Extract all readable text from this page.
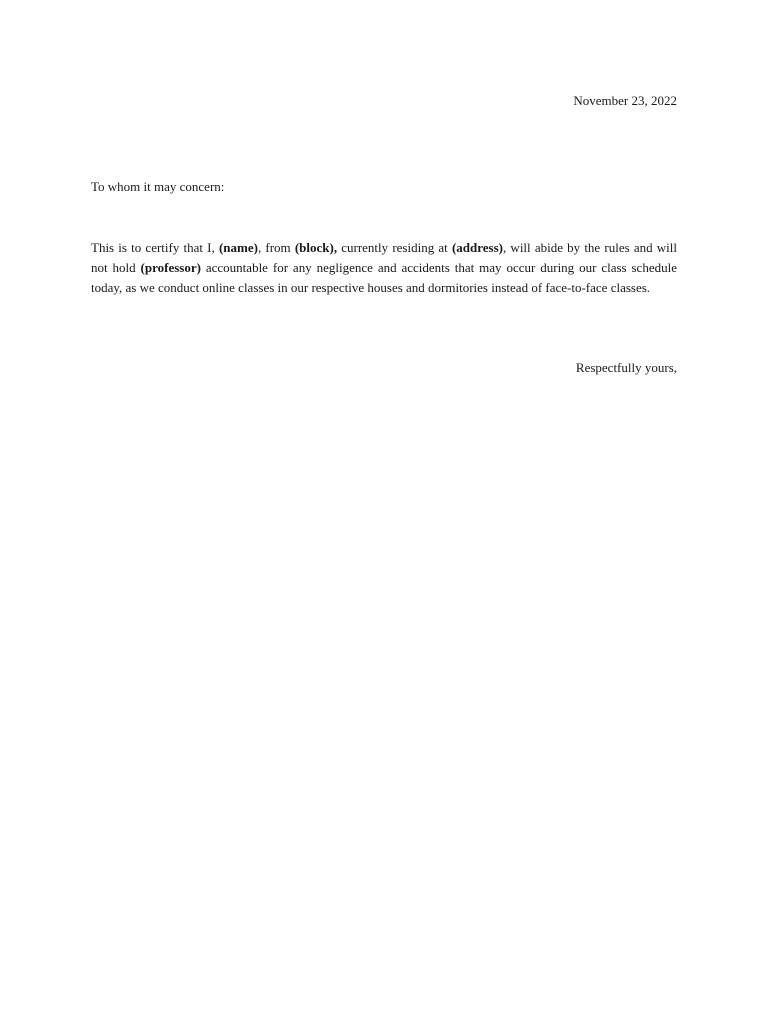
November 23, 2022
To whom it may concern:

This is to certify that I, (name), from (block), currently residing at (address), will abide by the rules and will not hold (professor) accountable for any negligence and accidents that may occur during our class schedule today, as we conduct online classes in our respective houses and dormitories instead of face-to-face classes.

Respectfully yours,
